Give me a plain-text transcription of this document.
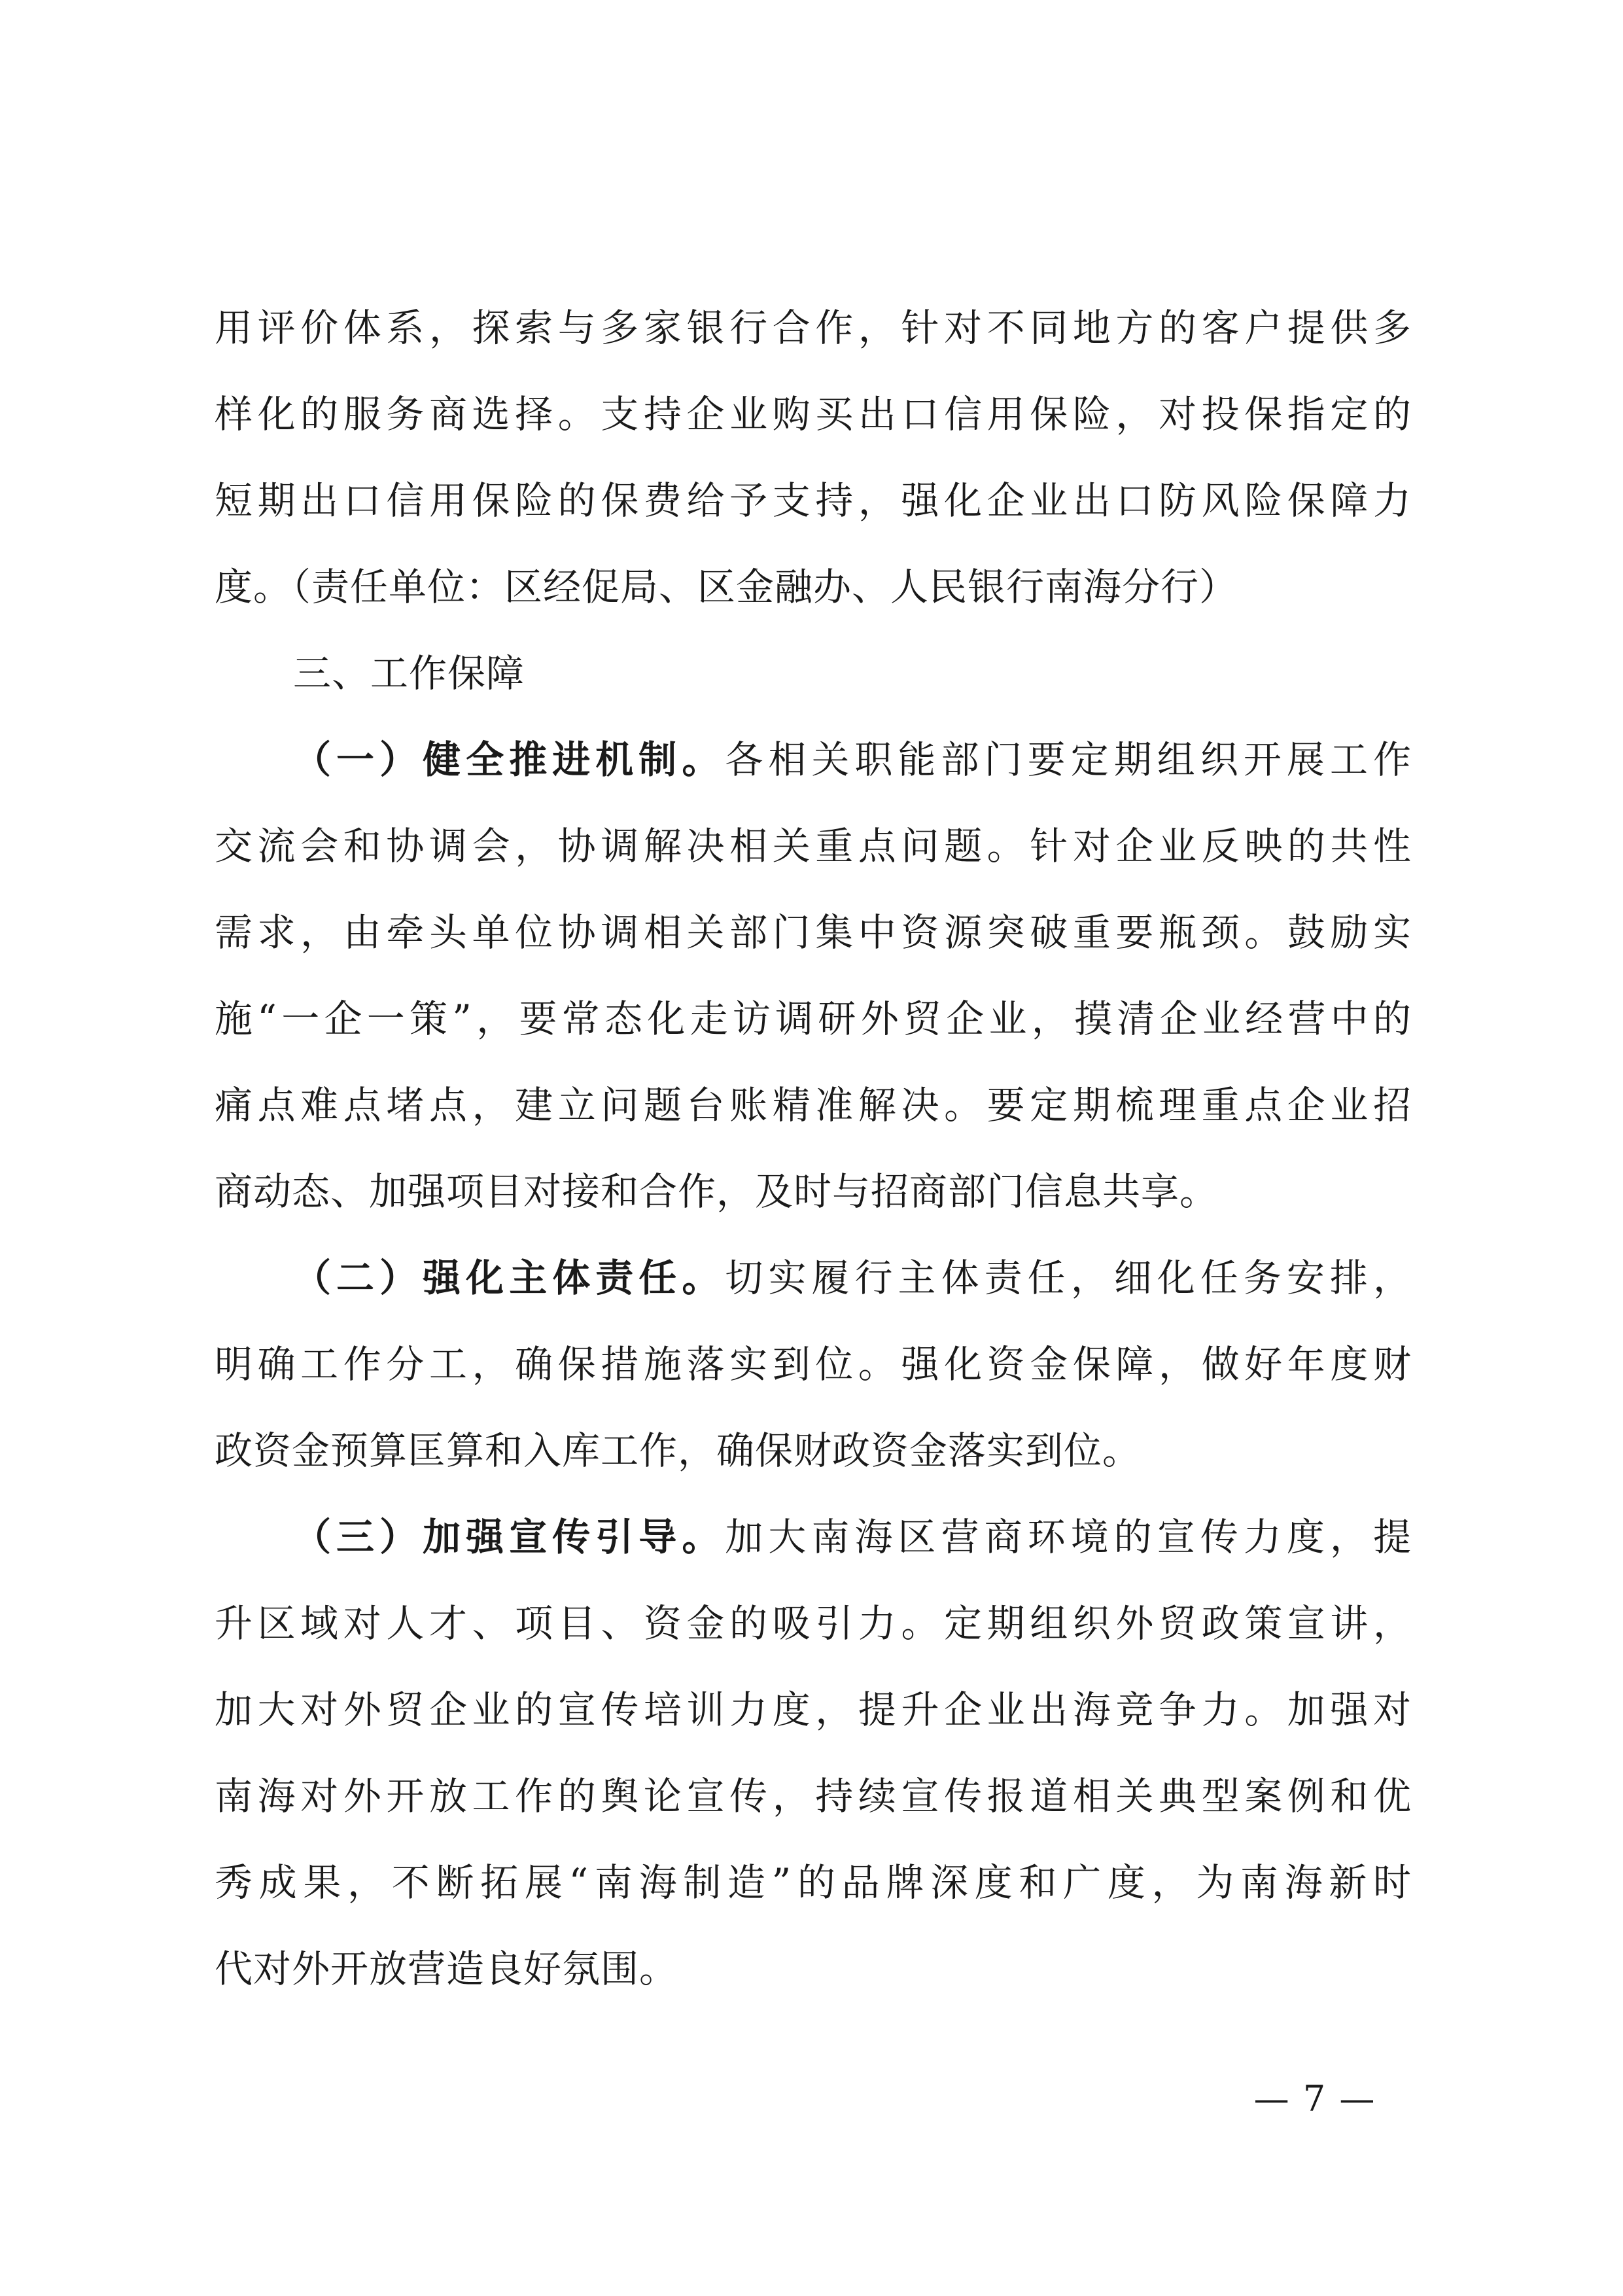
用评价体系，探索与多家银行合作，针对不同地方的客户提供多
样化的服务商选择。支持企业购买出口信用保险，对投保指定的
短期出口信用保险的保费给予支持，强化企业出口防风险保障力
度。（责任单位：区经促局、区金融办、人民银行南海分行）
三、工作保障
（一）健全推进机制。各相关职能部门要定期组织开展工作
交流会和协调会，协调解决相关重点问题。针对企业反映的共性
需求，由牵头单位协调相关部门集中资源突破重要瓶颈。鼓励实
施“一企一策”，要常态化走访调研外贸企业，摸清企业经营中的
痛点难点堵点，建立问题台账精准解决。要定期梳理重点企业招
商动态、加强项目对接和合作，及时与招商部门信息共享。
（二）强化主体责任。切实履行主体责任，细化任务安排，
明确工作分工，确保措施落实到位。强化资金保障，做好年度财
政资金预算匡算和入库工作，确保财政资金落实到位。
（三）加强宣传引导。加大南海区营商环境的宣传力度，提
升区域对人才、项目、资金的吸引力。定期组织外贸政策宣讲，
加大对外贸企业的宣传培训力度，提升企业出海竞争力。加强对
南海对外开放工作的舆论宣传，持续宣传报道相关典型案例和优
秀成果，不断拓展“南海制造”的品牌深度和广度，为南海新时
代对外开放营造良好氛围。
— 7 —
